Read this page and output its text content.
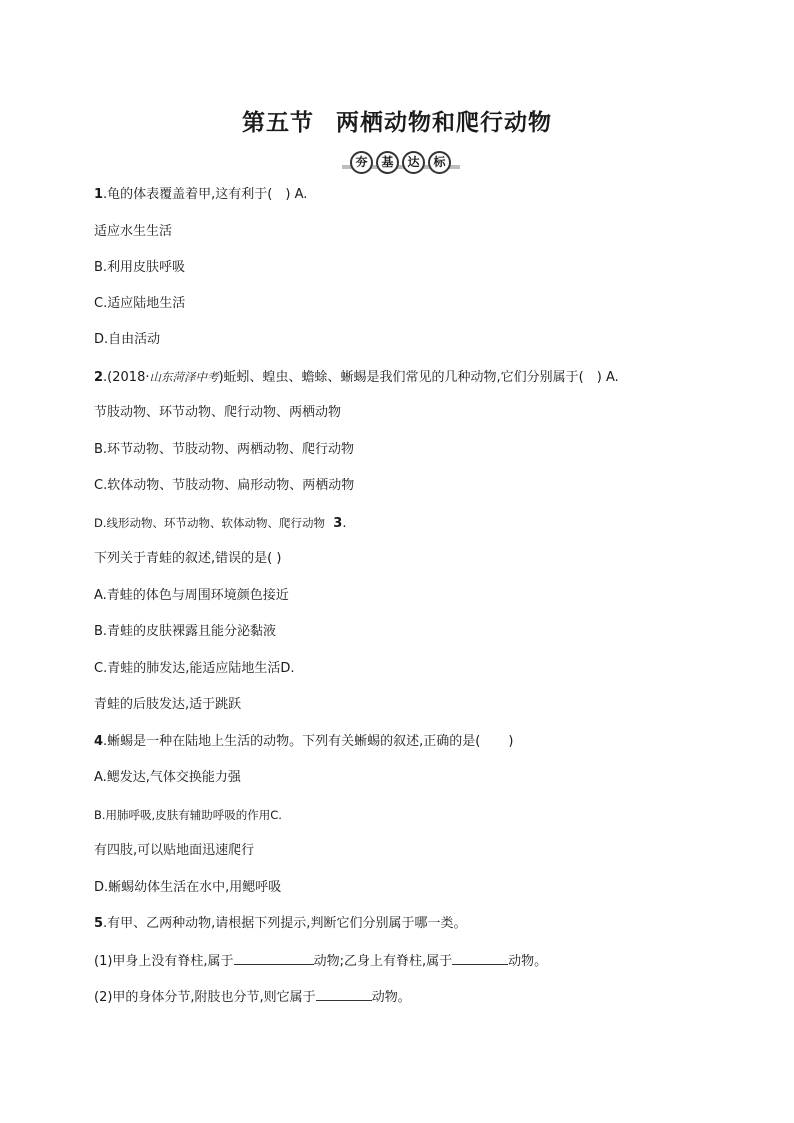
第五节 两栖动物和爬行动物
夯	基	达	标
1.龟的体表覆盖着甲,这有利于(　) A.
适应水生生活
B.利用皮肤呼吸
C.适应陆地生活
D.自由活动
2.(2018·山东菏泽中考)蚯蚓、蝗虫、蟾蜍、蜥蜴是我们常见的几种动物,它们分别属于(　) A.
节肢动物、环节动物、爬行动物、两栖动物
B.环节动物、节肢动物、两栖动物、爬行动物
C.软体动物、节肢动物、扁形动物、两栖动物
D.线形动物、环节动物、软体动物、爬行动物 3.
下列关于青蛙的叙述,错误的是( )
A.青蛙的体色与周围环境颜色接近
B.青蛙的皮肤裸露且能分泌黏液
C.青蛙的肺发达,能适应陆地生活D.
青蛙的后肢发达,适于跳跃
4.蜥蜴是一种在陆地上生活的动物。下列有关蜥蜴的叙述,正确的是( )
A.鳃发达,气体交换能力强
B.用肺呼吸,皮肤有辅助呼吸的作用C.
有四肢,可以贴地面迅速爬行
D.蜥蜴幼体生活在水中,用鳃呼吸
5.有甲、乙两种动物,请根据下列提示,判断它们分别属于哪一类。
(1)甲身上没有脊柱,属于	动物;乙身上有脊柱,属于	动物。
(2)甲的身体分节,附肢也分节,则它属于	动物。
